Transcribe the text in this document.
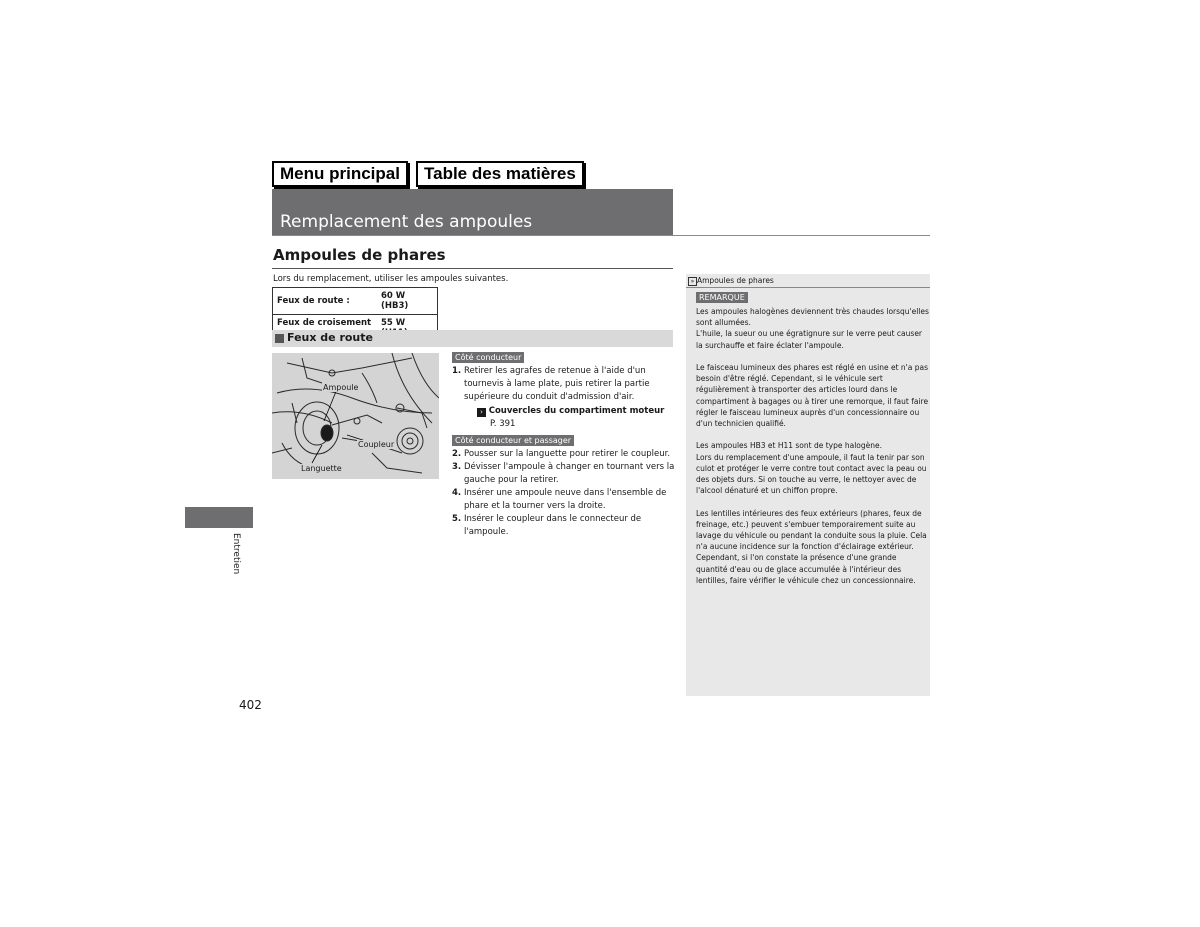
Menu principal	Table des matières
Remplacement des ampoules
Ampoules de phares
Lors du remplacement, utiliser les ampoules suivantes.
Feux de route :	60 W (HB3)
Feux de croisement	55 W
Feux de route
Ampoule
Coupleur
Languette
Côté conducteur
1. Retirer les agrafes de retenue à l'aide d'un
tournevis à lame plate, puis retirer la partie
supérieure du conduit d'admission d'air.
› Couvercles du compartiment moteur
P. 391
Côté conducteur et passager
2. Pousser sur la languette pour retirer le coupleur.
3. Dévisser l'ampoule à changer en tournant vers la
gauche pour la retirer.
4. Insérer une ampoule neuve dans l'ensemble de
phare et la tourner vers la droite.
5. Insérer le coupleur dans le connecteur de
l'ampoule.
» Ampoules de phares
REMARQUE
Les ampoules halogènes deviennent très chaudes lorsqu'elles
sont allumées.
L'huile, la sueur ou une égratignure sur le verre peut causer
la surchauffe et faire éclater l'ampoule.
Le faisceau lumineux des phares est réglé en usine et n'a pas
besoin d'être réglé. Cependant, si le véhicule sert
régulièrement à transporter des articles lourd dans le
compartiment à bagages ou à tirer une remorque, il faut faire
régler le faisceau lumineux auprès d'un concessionnaire ou
d'un technicien qualifié.
Les ampoules HB3 et H11 sont de type halogène.
Lors du remplacement d'une ampoule, il faut la tenir par son
culot et protéger le verre contre tout contact avec la peau ou
des objets durs. Si on touche au verre, le nettoyer avec de
l'alcool dénaturé et un chiffon propre.
Les lentilles intérieures des feux extérieurs (phares, feux de
freinage, etc.) peuvent s'embuer temporairement suite au
lavage du véhicule ou pendant la conduite sous la pluie. Cela
n'a aucune incidence sur la fonction d'éclairage extérieur.
Cependant, si l'on constate la présence d'une grande
quantité d'eau ou de glace accumulée à l'intérieur des
lentilles, faire vérifier le véhicule chez un concessionnaire.
Entretien
402
